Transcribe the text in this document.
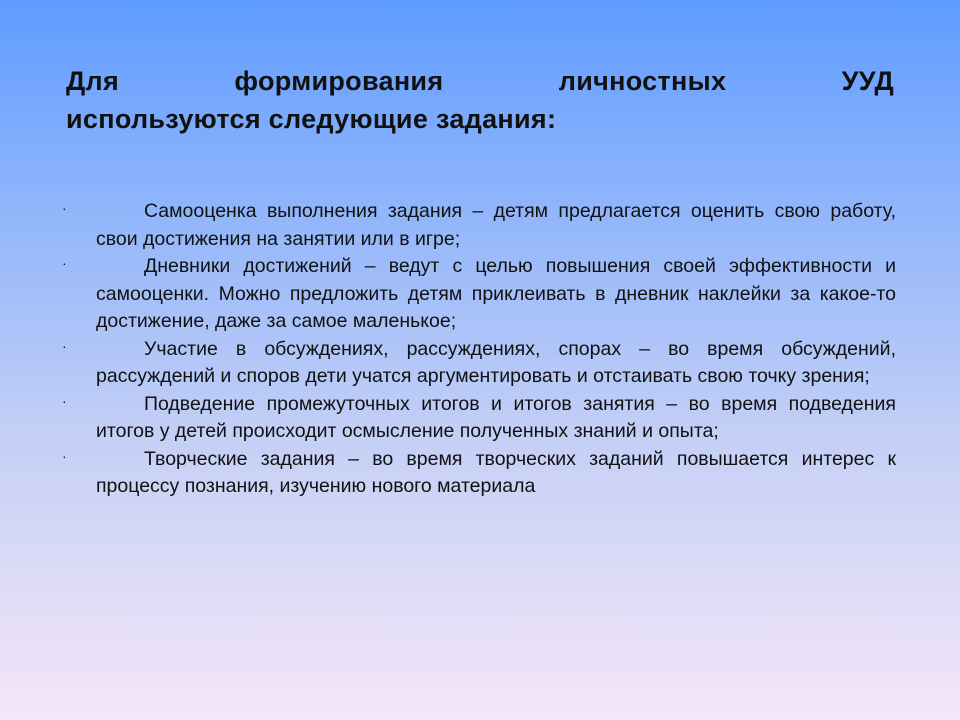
Для формирования личностных УУД
используются следующие задания:
·	Самооценка выполнения задания – детям предлагается оценить свою работу, свои достижения на занятии или в игре;
·	Дневники достижений – ведут с целью повышения своей эффективности и самооценки. Можно предложить детям приклеивать в дневник наклейки за какое-то достижение, даже за самое маленькое;
·	Участие в обсуждениях, рассуждениях, спорах – во время обсуждений, рассуждений и споров дети учатся аргументировать и отстаивать свою точку зрения;
·	Подведение промежуточных итогов и итогов занятия – во время подведения итогов у детей происходит осмысление полученных знаний и опыта;
·	Творческие задания – во время творческих заданий повышается интерес к процессу познания, изучению нового материала
